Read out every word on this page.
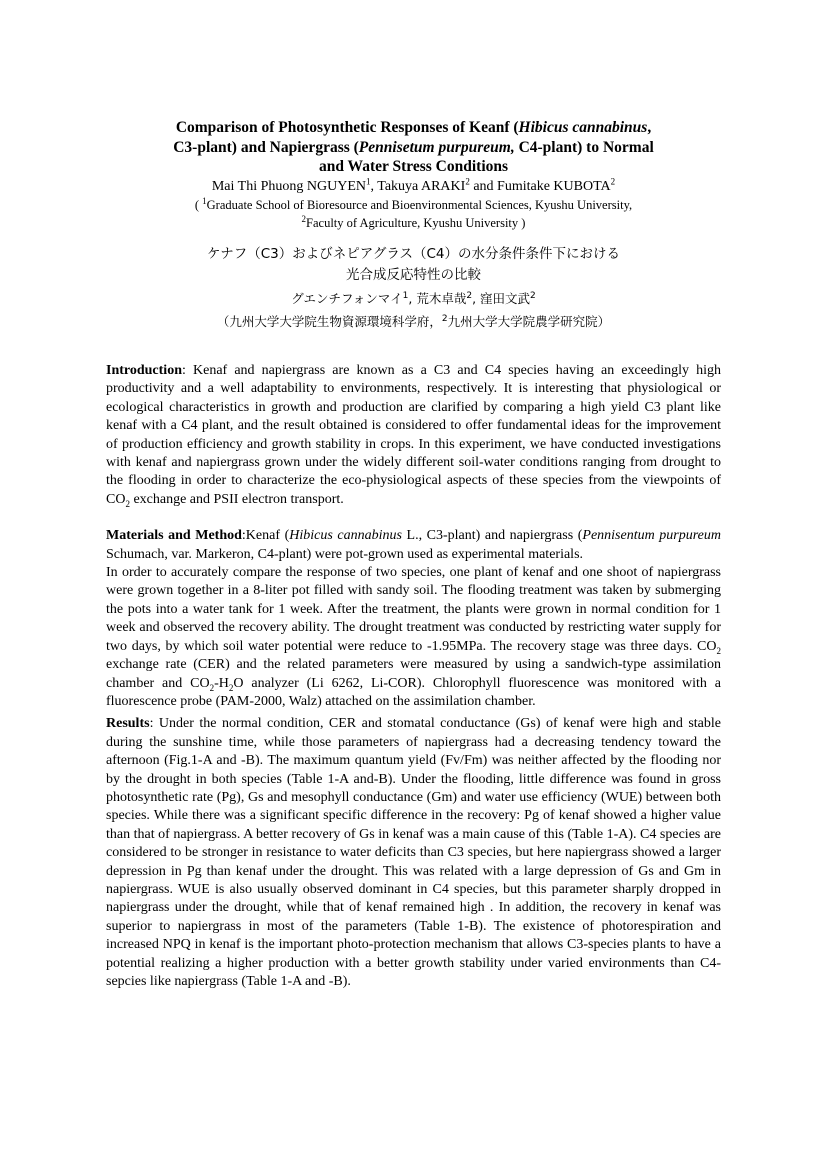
Comparison of Photosynthetic Responses of Keanf (Hibicus cannabinus, C3-plant) and Napiergrass (Pennisetum purpureum, C4-plant) to Normal and Water Stress Conditions
Mai Thi Phuong NGUYEN$^1$, Takuya ARAKI$^2$ and Fumitake KUBOTA$^2$
( $^1$Graduate School of Bioresource and Bioenvironmental Sciences, Kyushu University,
$^2$Faculty of Agriculture, Kyushu University )
ケナフ（C3）およびネピアグラス（C4）の水分条件条件下における
光合成反応特性の比較
グエンチフォンマイ$^1$, 荒木卓哉$^2$, 窪田文武$^2$
（九州大学大学院生物資源環境科学府，$^2$九州大学大学院農学研究院）

Introduction: Kenaf and napiergrass are known as a C3 and C4 species having an exceedingly high productivity and a well adaptability to environments, respectively. It is interesting that physiological or ecological characteristics in growth and production are clarified by comparing a high yield C3 plant like kenaf with a C4 plant, and the result obtained is considered to offer fundamental ideas for the improvement of production efficiency and growth stability in crops. In this experiment, we have conducted investigations with kenaf and napiergrass grown under the widely different soil-water conditions ranging from drought to the flooding in order to characterize the eco-physiological aspects of these species from the viewpoints of $CO_2$ exchange and PSII electron transport.

Materials and Method:Kenaf (Hibicus cannabinus L., C3-plant) and napiergrass (Pennisentum purpureum Schumach, var. Markeron, C4-plant) were pot-grown used as experimental materials.

In order to accurately compare the response of two species, one plant of kenaf and one shoot of napiergrass were grown together in a 8-liter pot filled with sandy soil. The flooding treatment was taken by submerging the pots into a water tank for 1 week. After the treatment, the plants were grown in normal condition for 1 week and observed the recovery ability. The drought treatment was conducted by restricting water supply for two days, by which soil water potential were reduce to -1.95MPa. The recovery stage was three days. $CO_2$ exchange rate (CER) and the related parameters were measured by using a sandwich-type assimilation chamber and $CO_2-H_2O$ analyzer (Li 6262, Li-COR). Chlorophyll fluorescence was monitored with a fluorescence probe (PAM-2000, Walz) attached on the assimilation chamber.

Results: Under the normal condition, CER and stomatal conductance (Gs) of kenaf were high and stable during the sunshine time, while those parameters of napiergrass had a decreasing tendency toward the afternoon (Fig.1-A and -B). The maximum quantum yield (Fv/Fm) was neither affected by the flooding nor by the drought in both species (Table 1-A and-B). Under the flooding, little difference was found in gross photosynthetic rate (Pg), Gs and mesophyll conductance (Gm) and water use efficiency (WUE) between both species. While there was a significant specific difference in the recovery: Pg of kenaf showed a higher value than that of napiergrass. A better recovery of Gs in kenaf was a main cause of this (Table 1-A). C4 species are considered to be stronger in resistance to water deficits than C3 species, but here napiergrass showed a larger depression in Pg than kenaf under the drought. This was related with a large depression of Gs and Gm in napiergrass. WUE is also usually observed dominant in C4 species, but this parameter sharply dropped in napiergrass under the drought, while that of kenaf remained high . In addition, the recovery in kenaf was superior to napiergrass in most of the parameters (Table 1-B). The existence of photorespiration and increased NPQ in kenaf is the important photo-protection mechanism that allows C3-species plants to have a potential realizing a higher production with a better growth stability under varied environments than C4-sepcies like napiergrass (Table 1-A and -B).
